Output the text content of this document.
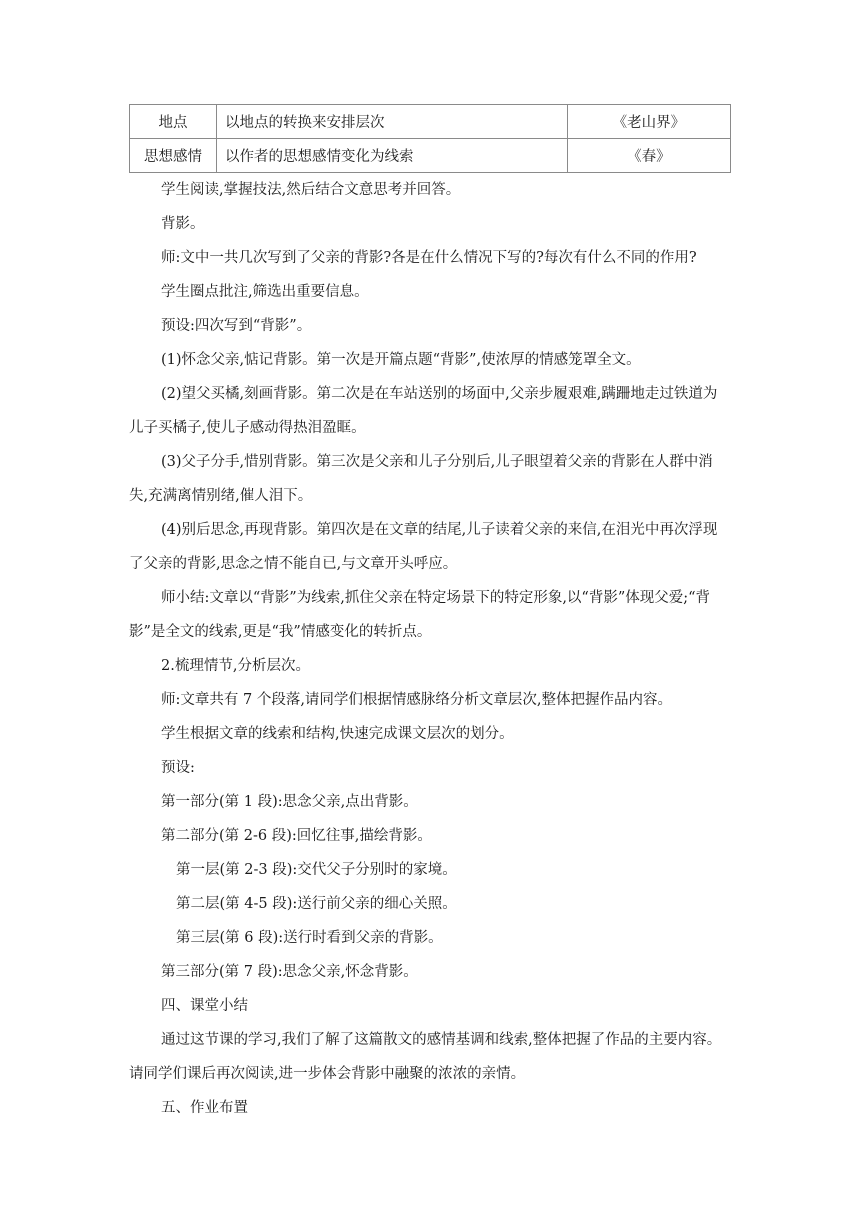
地点	以地点的转换来安排层次	《老山界》
思想感情	以作者的思想感情变化为线索	《春》
学生阅读,掌握技法,然后结合文意思考并回答。
背影。
师:文中一共几次写到了父亲的背影?各是在什么情况下写的?每次有什么不同的作用?
学生圈点批注,筛选出重要信息。
预设:四次写到“背影”。
(1)怀念父亲,惦记背影。第一次是开篇点题“背影”,使浓厚的情感笼罩全文。
(2)望父买橘,刻画背影。第二次是在车站送别的场面中,父亲步履艰难,蹒跚地走过铁道为
儿子买橘子,使儿子感动得热泪盈眶。
(3)父子分手,惜别背影。第三次是父亲和儿子分别后,儿子眼望着父亲的背影在人群中消
失,充满离情别绪,催人泪下。
(4)别后思念,再现背影。第四次是在文章的结尾,儿子读着父亲的来信,在泪光中再次浮现
了父亲的背影,思念之情不能自已,与文章开头呼应。
师小结:文章以“背影”为线索,抓住父亲在特定场景下的特定形象,以“背影”体现父爱;“背
影”是全文的线索,更是“我”情感变化的转折点。
2.梳理情节,分析层次。
师:文章共有 7 个段落,请同学们根据情感脉络分析文章层次,整体把握作品内容。
学生根据文章的线索和结构,快速完成课文层次的划分。
预设:
第一部分(第 1 段):思念父亲,点出背影。
第二部分(第 2-6 段):回忆往事,描绘背影。
第一层(第 2-3 段):交代父子分别时的家境。
第二层(第 4-5 段):送行前父亲的细心关照。
第三层(第 6 段):送行时看到父亲的背影。
第三部分(第 7 段):思念父亲,怀念背影。
四、课堂小结
通过这节课的学习,我们了解了这篇散文的感情基调和线索,整体把握了作品的主要内容。
请同学们课后再次阅读,进一步体会背影中融聚的浓浓的亲情。
五、作业布置
